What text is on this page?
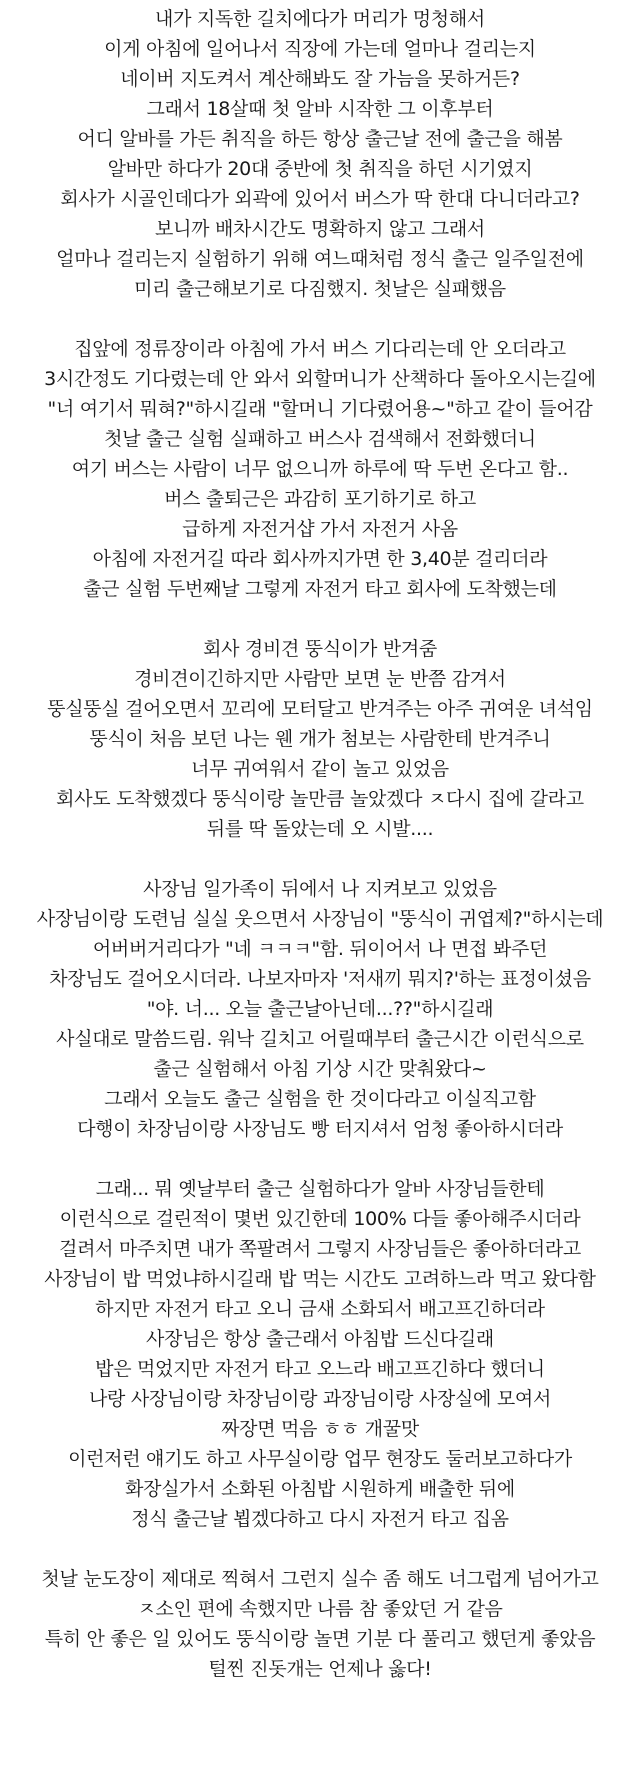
내가 지독한 길치에다가 머리가 멍청해서
이게 아침에 일어나서 직장에 가는데 얼마나 걸리는지
네이버 지도켜서 계산해봐도 잘 가늠을 못하거든?
그래서 18살때 첫 알바 시작한 그 이후부터
어디 알바를 가든 취직을 하든 항상 출근날 전에 출근을 해봄
알바만 하다가 20대 중반에 첫 취직을 하던 시기였지
회사가 시골인데다가 외곽에 있어서 버스가 딱 한대 다니더라고?
보니까 배차시간도 명확하지 않고 그래서
얼마나 걸리는지 실험하기 위해 여느때처럼 정식 출근 일주일전에
미리 출근해보기로 다짐했지. 첫날은 실패했음
집앞에 정류장이라 아침에 가서 버스 기다리는데 안 오더라고
3시간정도 기다렸는데 안 와서 외할머니가 산책하다 돌아오시는길에
"너 여기서 뭐혀?"하시길래 "할머니 기다렸어용~"하고 같이 들어감
첫날 출근 실험 실패하고 버스사 검색해서 전화했더니
여기 버스는 사람이 너무 없으니까 하루에 딱 두번 온다고 함..
버스 출퇴근은 과감히 포기하기로 하고
급하게 자전거샵 가서 자전거 사옴
아침에 자전거길 따라 회사까지가면 한 3,40분 걸리더라
출근 실험 두번째날 그렇게 자전거 타고 회사에 도착했는데
회사 경비견 뚱식이가 반겨줌
경비견이긴하지만 사람만 보면 눈 반쯤 감겨서
뚱실뚱실 걸어오면서 꼬리에 모터달고 반겨주는 아주 귀여운 녀석임
뚱식이 처음 보던 나는 웬 개가 첨보는 사람한테 반겨주니
너무 귀여워서 같이 놀고 있었음
회사도 도착했겠다 뚱식이랑 놀만큼 놀았겠다 ㅈ다시 집에 갈라고
뒤를 딱 돌았는데 오 시발....
사장님 일가족이 뒤에서 나 지켜보고 있었음
사장님이랑 도련님 실실 웃으면서 사장님이 "뚱식이 귀엽제?"하시는데
어버버거리다가 "네 ㅋㅋㅋ"함. 뒤이어서 나 면접 봐주던
차장님도 걸어오시더라. 나보자마자 '저새끼 뭐지?'하는 표정이셨음
"야. 너... 오늘 출근날아닌데...??"하시길래
사실대로 말씀드림. 워낙 길치고 어릴때부터 출근시간 이런식으로
출근 실험해서 아침 기상 시간 맞춰왔다~
그래서 오늘도 출근 실험을 한 것이다라고 이실직고함
다행이 차장님이랑 사장님도 빵 터지셔서 엄청 좋아하시더라
그래... 뭐 옛날부터 출근 실험하다가 알바 사장님들한테
이런식으로 걸린적이 몇번 있긴한데 100% 다들 좋아해주시더라
걸려서 마주치면 내가 쪽팔려서 그렇지 사장님들은 좋아하더라고
사장님이 밥 먹었냐하시길래 밥 먹는 시간도 고려하느라 먹고 왔다함
하지만 자전거 타고 오니 금새 소화되서 배고프긴하더라
사장님은 항상 출근래서 아침밥 드신다길래
밥은 먹었지만 자전거 타고 오느라 배고프긴하다 했더니
나랑 사장님이랑 차장님이랑 과장님이랑 사장실에 모여서
짜장면 먹음 ㅎㅎ 개꿀맛
이런저런 얘기도 하고 사무실이랑 업무 현장도 둘러보고하다가
화장실가서 소화된 아침밥 시원하게 배출한 뒤에
정식 출근날 뵙겠다하고 다시 자전거 타고 집옴
첫날 눈도장이 제대로 찍혀서 그런지 실수 좀 해도 너그럽게 넘어가고
ㅈ소인 편에 속했지만 나름 참 좋았던 거 같음
특히 안 좋은 일 있어도 뚱식이랑 놀면 기분 다 풀리고 했던게 좋았음
털찐 진돗개는 언제나 옳다!
